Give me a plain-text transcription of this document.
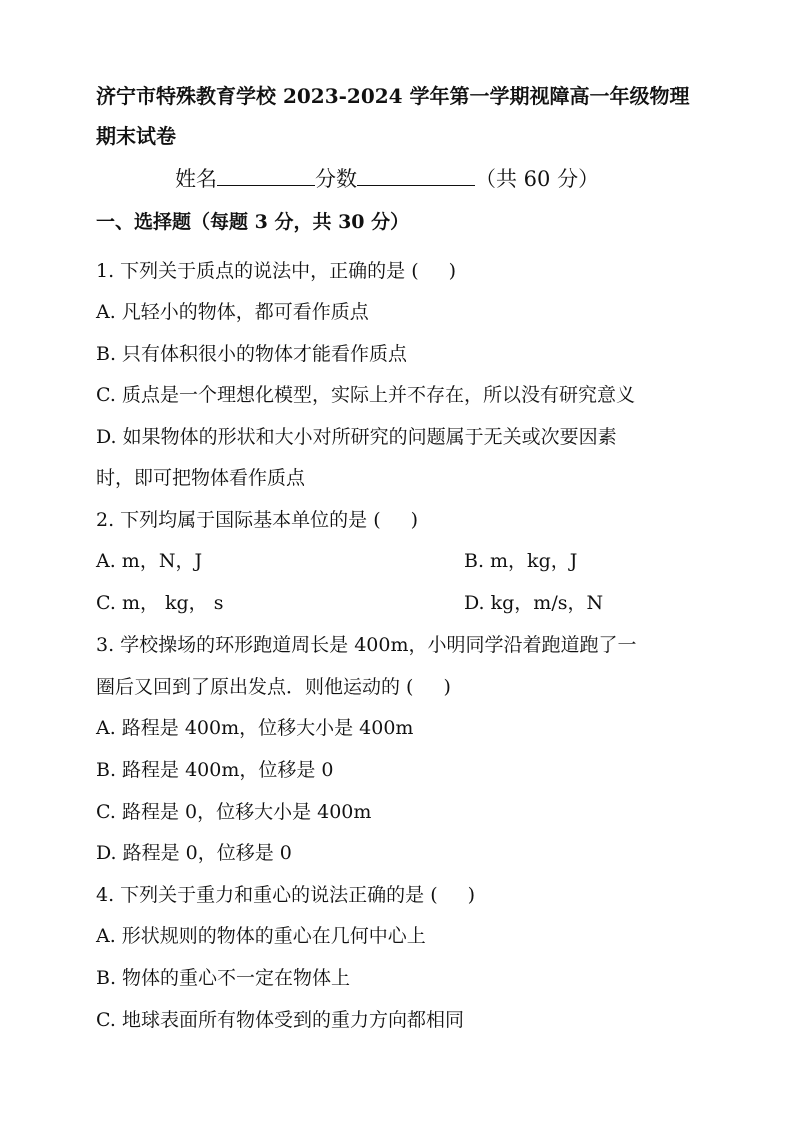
济宁市特殊教育学校 2023-2024 学年第一学期视障高一年级物理
期末试卷
姓名	分数	（共 60 分）
一、选择题（每题 3 分，共 30 分）
1. 下列关于质点的说法中，正确的是 ( )
A. 凡轻小的物体，都可看作质点
B. 只有体积很小的物体才能看作质点
C. 质点是一个理想化模型，实际上并不存在，所以没有研究意义
D. 如果物体的形状和大小对所研究的问题属于无关或次要因素
时，即可把物体看作质点
2. 下列均属于国际基本单位的是 ( )
A. m，N，J	B. m，kg，J
C. m， kg， s	D. kg，m/s，N
3. 学校操场的环形跑道周长是 400m，小明同学沿着跑道跑了一
圈后又回到了原出发点．则他运动的 ( )
A. 路程是 400m，位移大小是 400m
B. 路程是 400m，位移是 0
C. 路程是 0，位移大小是 400m
D. 路程是 0，位移是 0
4. 下列关于重力和重心的说法正确的是 ( )
A. 形状规则的物体的重心在几何中心上
B. 物体的重心不一定在物体上
C. 地球表面所有物体受到的重力方向都相同
